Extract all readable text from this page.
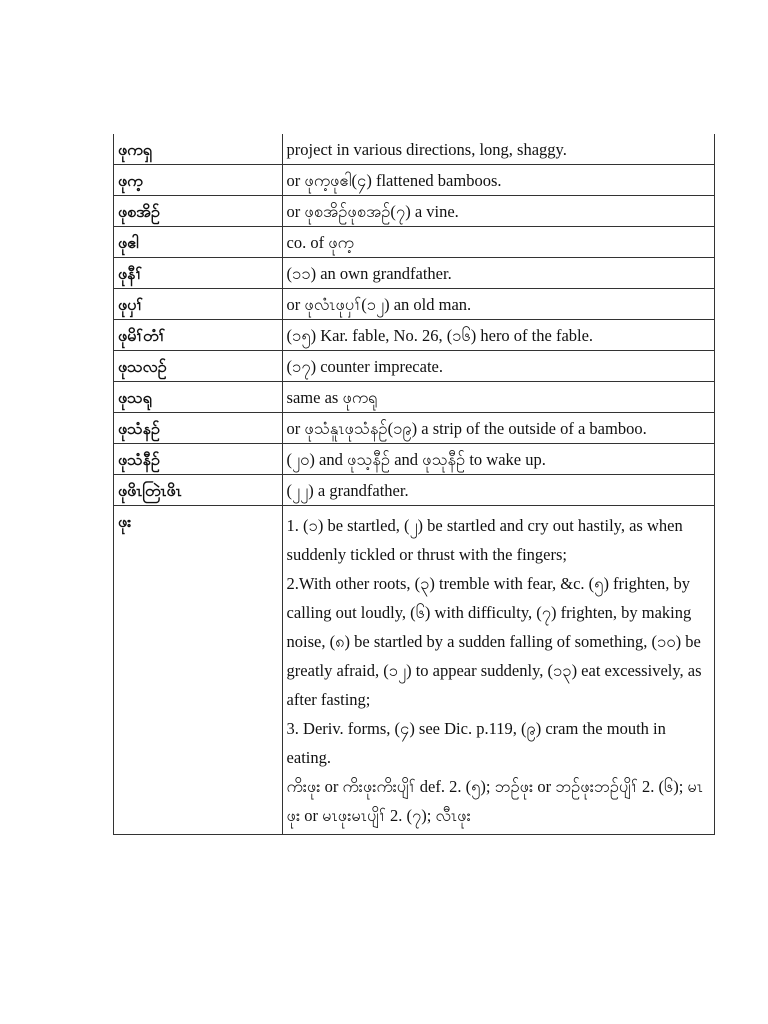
ဖုကရှ	project in various directions, long, shaggy.
ဖုက့	or ဖုက့ဖုဧါ(၄) flattened bamboos.
ဖုစအိဉ်	or ဖုစအိဉ်ဖုစအဉ်(၇) a vine.
ဖုဧါ	co. of ဖုက့
ဖုနီၢ်	(၁၁) an own grandfather.
ဖုပှၢ်	or ဖုလံၤဖုပှၢ်(၁၂) an old man.
ဖုမိၢ်တံၢ်	(၁၅) Kar. fable, No. 26, (၁၆) hero of the fable.
ဖုသလဉ်	(၁၇) counter imprecate.
ဖုသရု	same as ဖုကရု
ဖုသံနဉ်	or ဖုသံနူၤဖုသံနဉ်(၁၉) a strip of the outside of a bamboo.
ဖုသံနီဉ်	(၂၀) and ဖုသ့နီဉ် and ဖုသုနီဉ် to wake up.
ဖုဖိၤတြဲၤဖိၤ	(၂၂) a grandfather.
ဖုး	1. (၁) be startled, (၂) be startled and cry out hastily, as when suddenly tickled or thrust with the fingers;
2.With other roots, (၃) tremble with fear, &c. (၅) frighten, by calling out loudly, (၆) with difficulty, (၇) frighten, by making noise, (၈) be startled by a sudden falling of something, (၁၀) be greatly afraid, (၁၂) to appear suddenly, (၁၃) eat excessively, as after fasting;
3. Deriv. forms, (၄) see Dic. p.119, (၉) cram the mouth in eating.
ကိးဖုး or ကိးဖုးကိးပျိၢ် def. 2. (၅); ဘဉ်ဖုး or ဘဉ်ဖုးဘဉ်ပျိၢ် 2. (၆); မၤဖုး or မၤဖုးမၤပျိၢ် 2. (၇); လီၤဖုး
